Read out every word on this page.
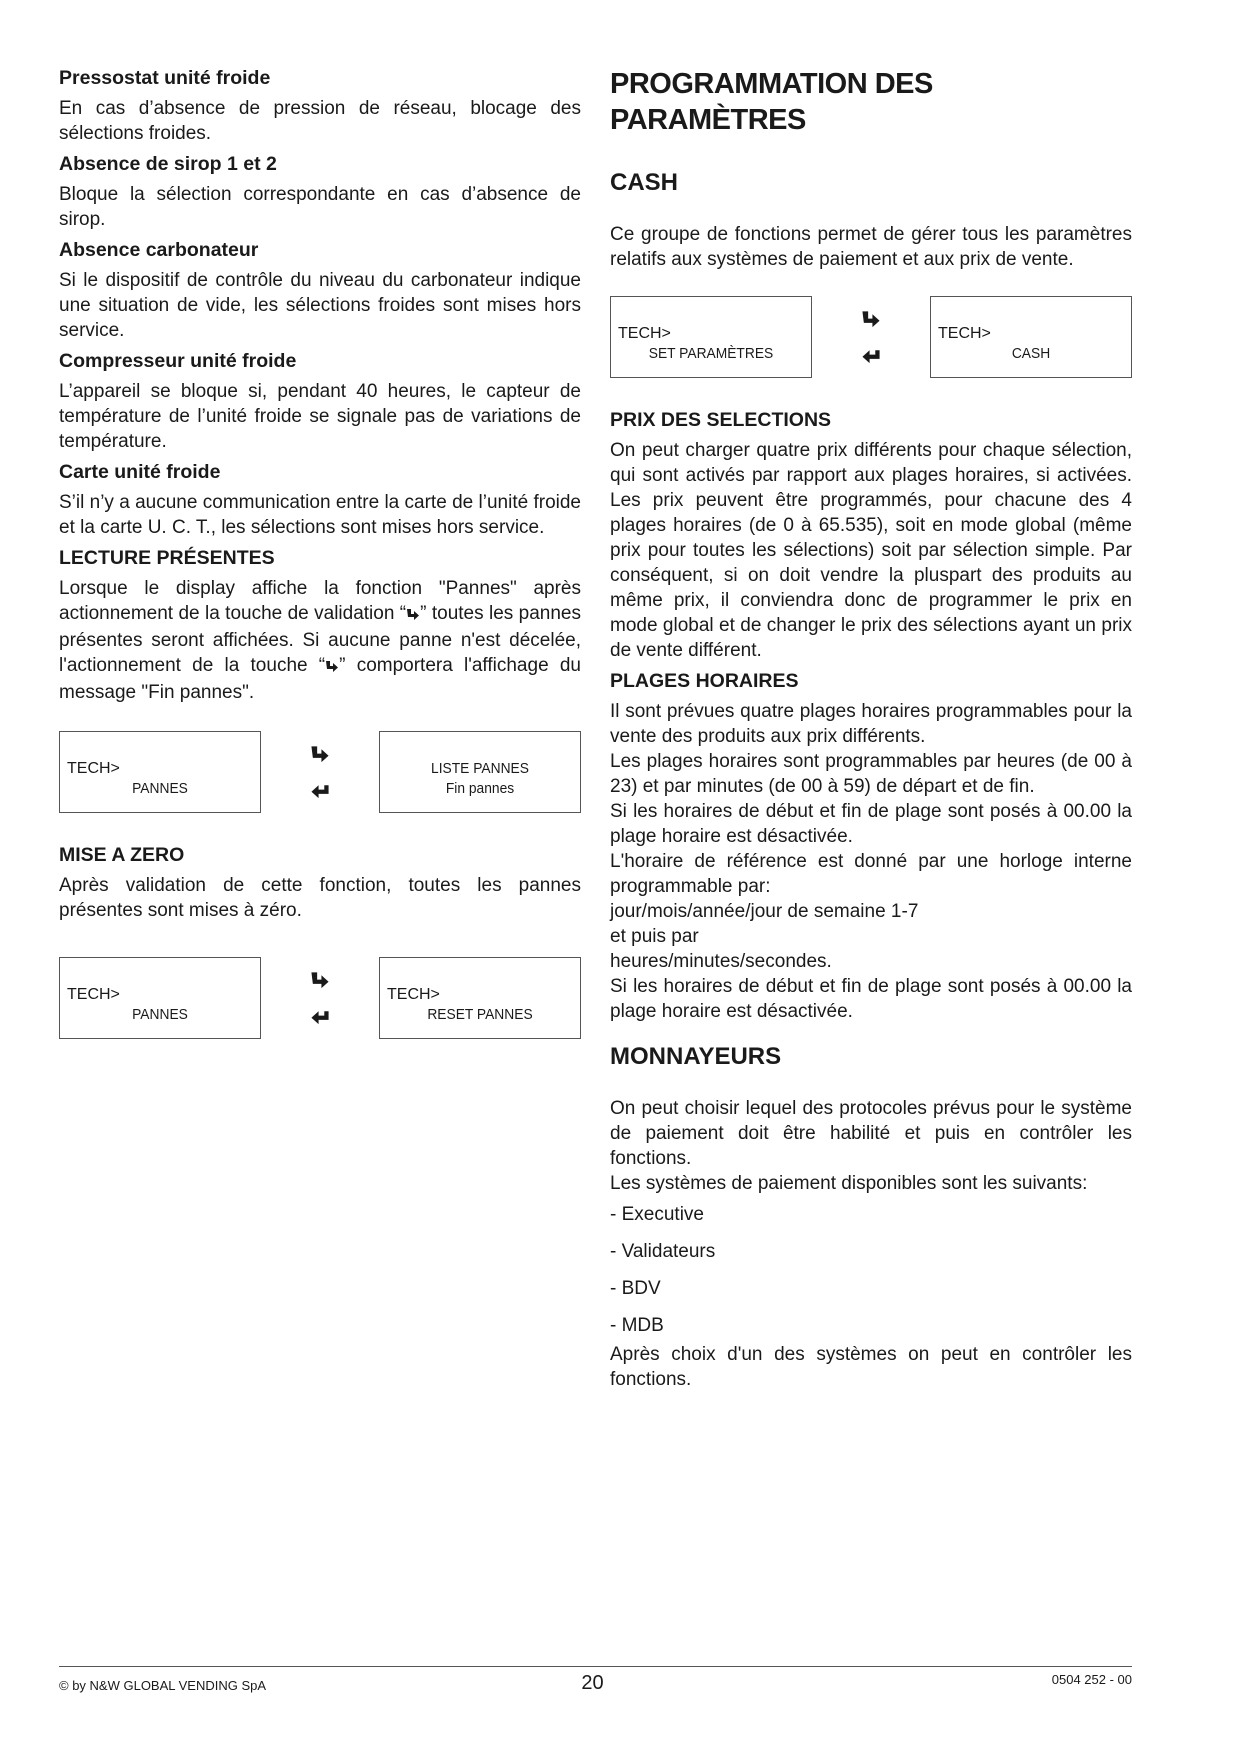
Pressostat unité froide
En cas d’absence de pression de réseau, blocage des sélections froides.
Absence de sirop 1 et 2
Bloque la sélection correspondante en cas d’absence de sirop.
Absence carbonateur
Si le dispositif de contrôle du niveau du carbonateur indique une situation de vide, les sélections froides sont mises hors service.
Compresseur unité froide
L’appareil se bloque si, pendant 40 heures, le capteur de température de l’unité froide se signale pas de variations de température.
Carte unité froide
S’il n’y a aucune communication entre la carte de l’unité froide et la carte U. C. T., les sélections sont mises hors service.
LECTURE PRÉSENTES
Lorsque le display affiche la fonction "Pannes" après actionnement de la touche de validation “ ” toutes les pannes présentes seront affichées. Si aucune panne n'est décelée, l'actionnement de la touche “ ” comportera l'affichage du message "Fin pannes".
TECH>
PANNES
LISTE PANNES
Fin pannes
MISE A ZERO
Après validation de cette fonction, toutes les pannes présentes sont mises à zéro.
TECH>
PANNES
TECH>
RESET PANNES
PROGRAMMATION DES PARAMÈTRES
CASH
Ce groupe de fonctions permet de gérer tous les paramètres relatifs aux systèmes de paiement et aux prix de vente.
TECH>
SET PARAMÈTRES
TECH>
CASH
PRIX DES SELECTIONS
On peut charger quatre prix différents pour chaque sélection, qui sont activés par rapport aux plages horaires, si activées. Les prix peuvent être programmés, pour chacune des 4 plages horaires (de 0 à 65.535), soit en mode global (même prix pour toutes les sélections) soit par sélection simple. Par conséquent, si on doit vendre la pluspart des produits au même prix, il conviendra donc de programmer le prix en mode global et de changer le prix des sélections ayant un prix de vente différent.
PLAGES HORAIRES
Il sont prévues quatre plages horaires programmables pour la vente des produits aux prix différents.
Les plages horaires sont programmables par heures (de 00 à 23) et par minutes (de 00 à 59) de départ et de fin.
Si les horaires de début et fin de plage sont posés à 00.00 la plage horaire est désactivée.
L'horaire de référence est donné par une horloge interne programmable par:
jour/mois/année/jour de semaine 1-7
et puis par
heures/minutes/secondes.
Si les horaires de début et fin de plage sont posés à 00.00 la plage horaire est désactivée.
MONNAYEURS
On peut choisir lequel des protocoles prévus pour le système de paiement doit être habilité et puis en contrôler les fonctions.
Les systèmes de paiement disponibles sont les suivants:
- Executive
- Validateurs
- BDV
- MDB
Après choix d'un des systèmes on peut en contrôler les fonctions.
© by N&W GLOBAL VENDING SpA	20	0504 252 - 00
